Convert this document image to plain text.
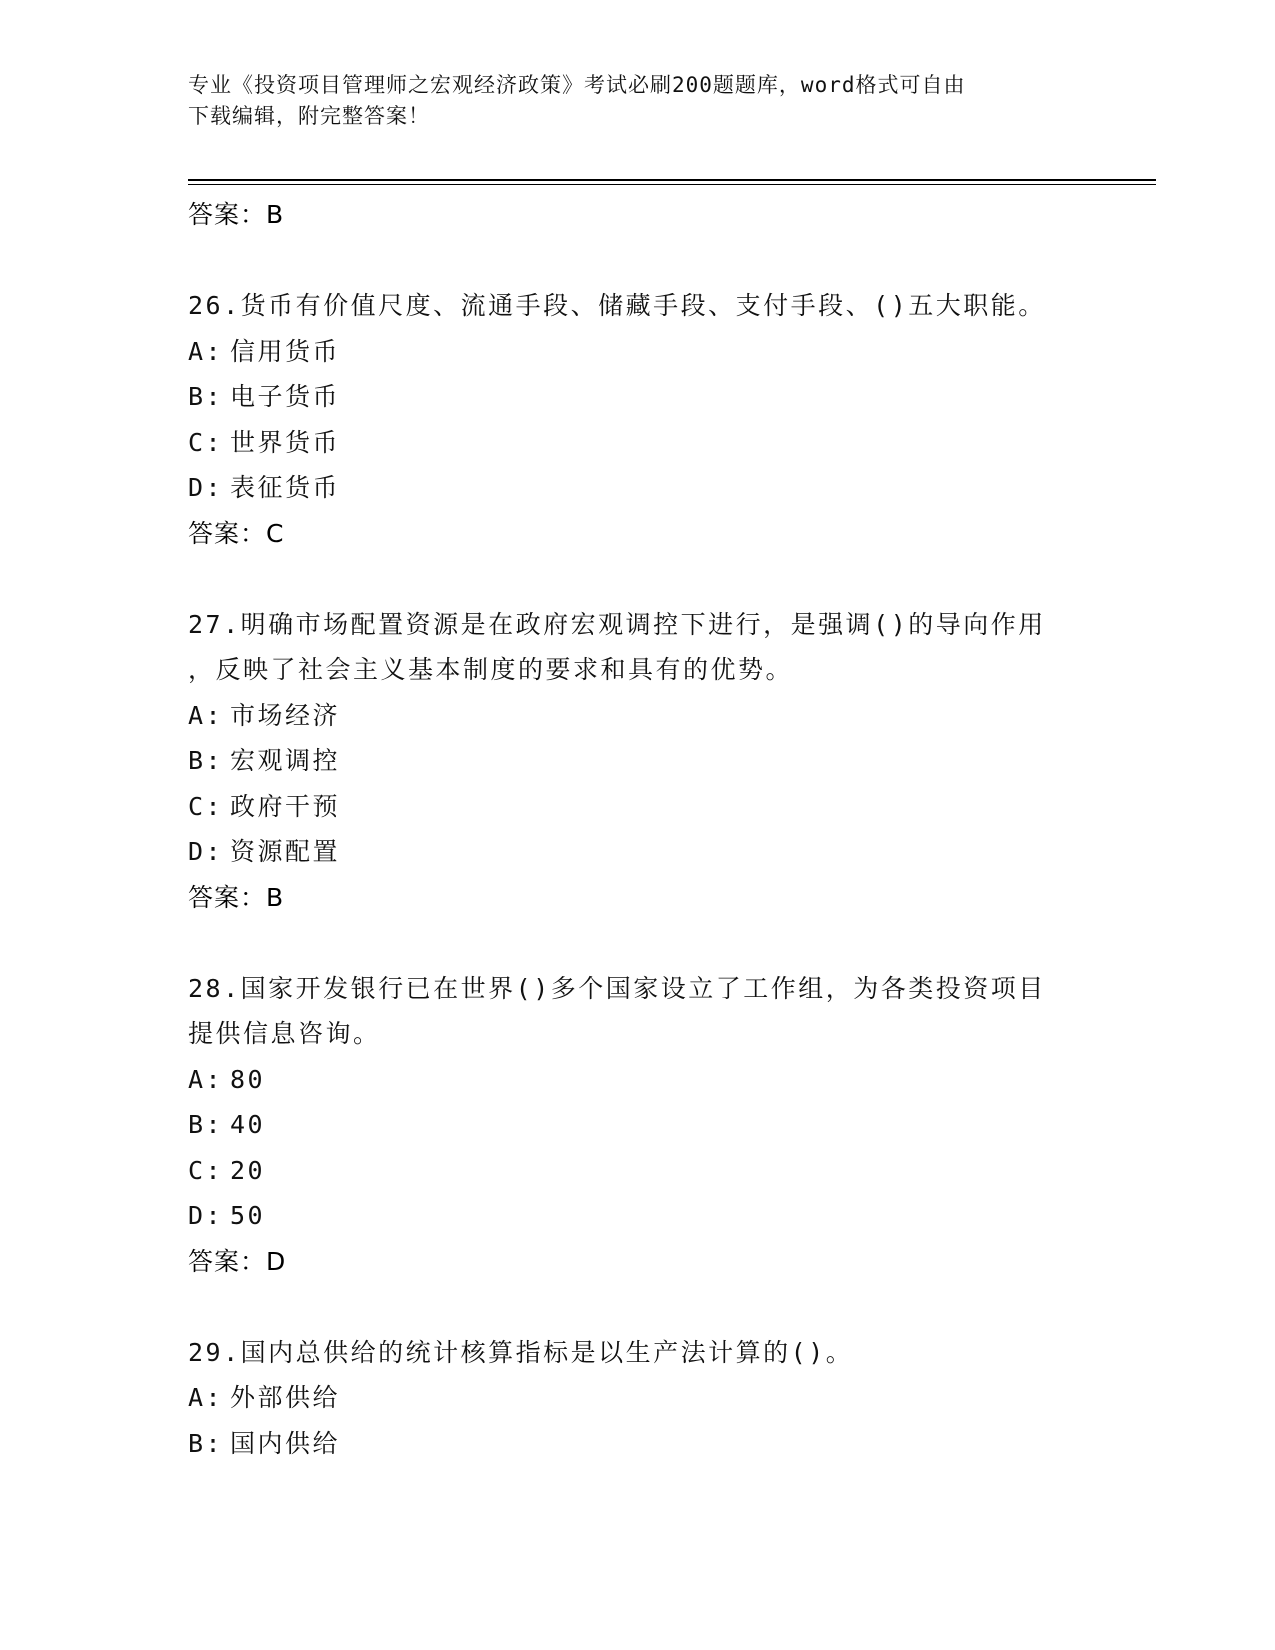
专业《投资项目管理师之宏观经济政策》考试必刷200题题库，word格式可自由
下载编辑，附完整答案！
答案：B
26.货币有价值尺度、流通手段、储藏手段、支付手段、()五大职能。
A: 信用货币
B: 电子货币
C: 世界货币
D: 表征货币
答案：C
27.明确市场配置资源是在政府宏观调控下进行，是强调()的导向作用
，反映了社会主义基本制度的要求和具有的优势。
A: 市场经济
B: 宏观调控
C: 政府干预
D: 资源配置
答案：B
28.国家开发银行已在世界()多个国家设立了工作组，为各类投资项目
提供信息咨询。
A: 80
B: 40
C: 20
D: 50
答案：D
29.国内总供给的统计核算指标是以生产法计算的()。
A: 外部供给
B: 国内供给
